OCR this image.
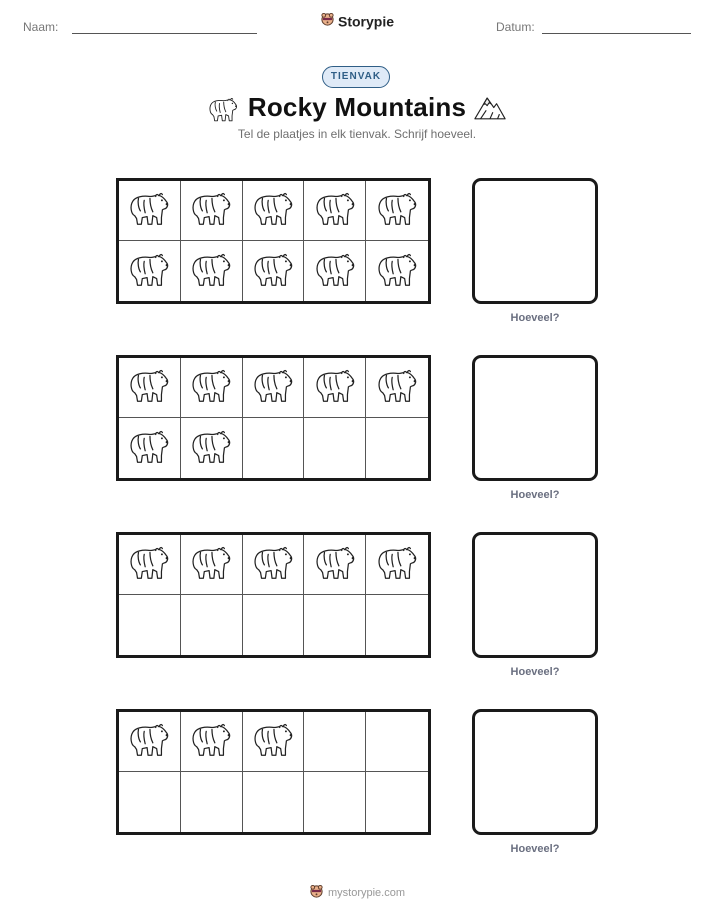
Naam:	Storypie	Datum:
TIENVAK
Rocky Mountains
Tel de plaatjes in elk tienvak. Schrijf hoeveel.
Hoeveel?
Hoeveel?
Hoeveel?
Hoeveel?
mystorypie.com
